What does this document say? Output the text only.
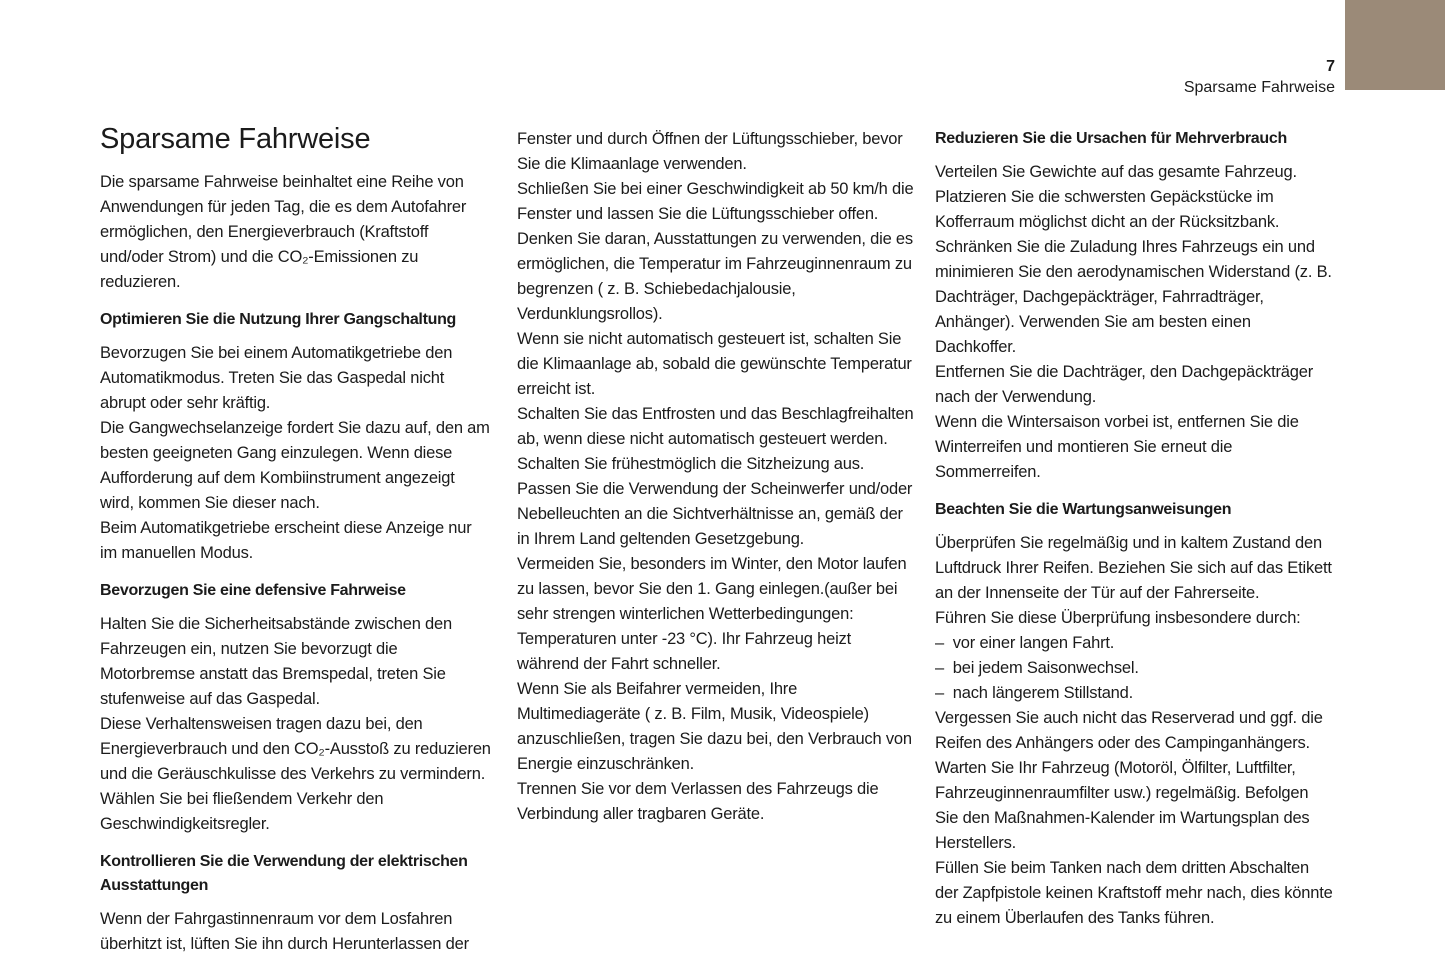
7
Sparsame Fahrweise
Sparsame Fahrweise

Die sparsame Fahrweise beinhaltet eine Reihe von Anwendungen für jeden Tag, die es dem Autofahrer ermöglichen, den Energieverbrauch (Kraftstoff und/oder Strom) und die CO₂-Emissionen zu reduzieren.

Optimieren Sie die Nutzung Ihrer Gangschaltung

Bevorzugen Sie bei einem Automatikgetriebe den Automatikmodus. Treten Sie das Gaspedal nicht abrupt oder sehr kräftig.

Die Gangwechselanzeige fordert Sie dazu auf, den am besten geeigneten Gang einzulegen. Wenn diese Aufforderung auf dem Kombiinstrument angezeigt wird, kommen Sie dieser nach.

Beim Automatikgetriebe erscheint diese Anzeige nur im manuellen Modus.

Bevorzugen Sie eine defensive Fahrweise

Halten Sie die Sicherheitsabstände zwischen den Fahrzeugen ein, nutzen Sie bevorzugt die Motorbremse anstatt das Bremspedal, treten Sie stufenweise auf das Gaspedal.

Diese Verhaltensweisen tragen dazu bei, den Energieverbrauch und den CO₂-Ausstoß zu reduzieren und die Geräuschkulisse des Verkehrs zu vermindern.

Wählen Sie bei fließendem Verkehr den Geschwindigkeitsregler.

Kontrollieren Sie die Verwendung der elektrischen Ausstattungen

Wenn der Fahrgastinnenraum vor dem Losfahren überhitzt ist, lüften Sie ihn durch Herunterlassen der

Fenster und durch Öffnen der Lüftungsschieber, bevor Sie die Klimaanlage verwenden.

Schließen Sie bei einer Geschwindigkeit ab 50 km/h die Fenster und lassen Sie die Lüftungsschieber offen.

Denken Sie daran, Ausstattungen zu verwenden, die es ermöglichen, die Temperatur im Fahrzeuginnenraum zu begrenzen ( z. B. Schiebedachjalousie, Verdunklungsrollos).

Wenn sie nicht automatisch gesteuert ist, schalten Sie die Klimaanlage ab, sobald die gewünschte Temperatur erreicht ist.

Schalten Sie das Entfrosten und das Beschlagfreihalten ab, wenn diese nicht automatisch gesteuert werden.

Schalten Sie frühestmöglich die Sitzheizung aus.

Passen Sie die Verwendung der Scheinwerfer und/oder Nebelleuchten an die Sichtverhältnisse an, gemäß der in Ihrem Land geltenden Gesetzgebung.

Vermeiden Sie, besonders im Winter, den Motor laufen zu lassen, bevor Sie den 1. Gang einlegen.(außer bei sehr strengen winterlichen Wetterbedingungen: Temperaturen unter -23 °C). Ihr Fahrzeug heizt während der Fahrt schneller.

Wenn Sie als Beifahrer vermeiden, Ihre Multimediageräte ( z. B. Film, Musik, Videospiele) anzuschließen, tragen Sie dazu bei, den Verbrauch von Energie einzuschränken.

Trennen Sie vor dem Verlassen des Fahrzeugs die Verbindung aller tragbaren Geräte.

Reduzieren Sie die Ursachen für Mehrverbrauch

Verteilen Sie Gewichte auf das gesamte Fahrzeug. Platzieren Sie die schwersten Gepäckstücke im Kofferraum möglichst dicht an der Rücksitzbank.

Schränken Sie die Zuladung Ihres Fahrzeugs ein und minimieren Sie den aerodynamischen Widerstand (z. B. Dachträger, Dachgepäckträger, Fahrradträger, Anhänger). Verwenden Sie am besten einen Dachkoffer.

Entfernen Sie die Dachträger, den Dachgepäckträger nach der Verwendung.

Wenn die Wintersaison vorbei ist, entfernen Sie die Winterreifen und montieren Sie erneut die Sommerreifen.

Beachten Sie die Wartungsanweisungen

Überprüfen Sie regelmäßig und in kaltem Zustand den Luftdruck Ihrer Reifen. Beziehen Sie sich auf das Etikett an der Innenseite der Tür auf der Fahrerseite.

Führen Sie diese Überprüfung insbesondere durch:

–  vor einer langen Fahrt.

–  bei jedem Saisonwechsel.

–  nach längerem Stillstand.

Vergessen Sie auch nicht das Reserverad und ggf. die Reifen des Anhängers oder des Campinganhängers.

Warten Sie Ihr Fahrzeug (Motoröl, Ölfilter, Luftfilter, Fahrzeuginnenraumfilter usw.) regelmäßig. Befolgen Sie den Maßnahmen-Kalender im Wartungsplan des Herstellers.

Füllen Sie beim Tanken nach dem dritten Abschalten der Zapfpistole keinen Kraftstoff mehr nach, dies könnte zu einem Überlaufen des Tanks führen.
